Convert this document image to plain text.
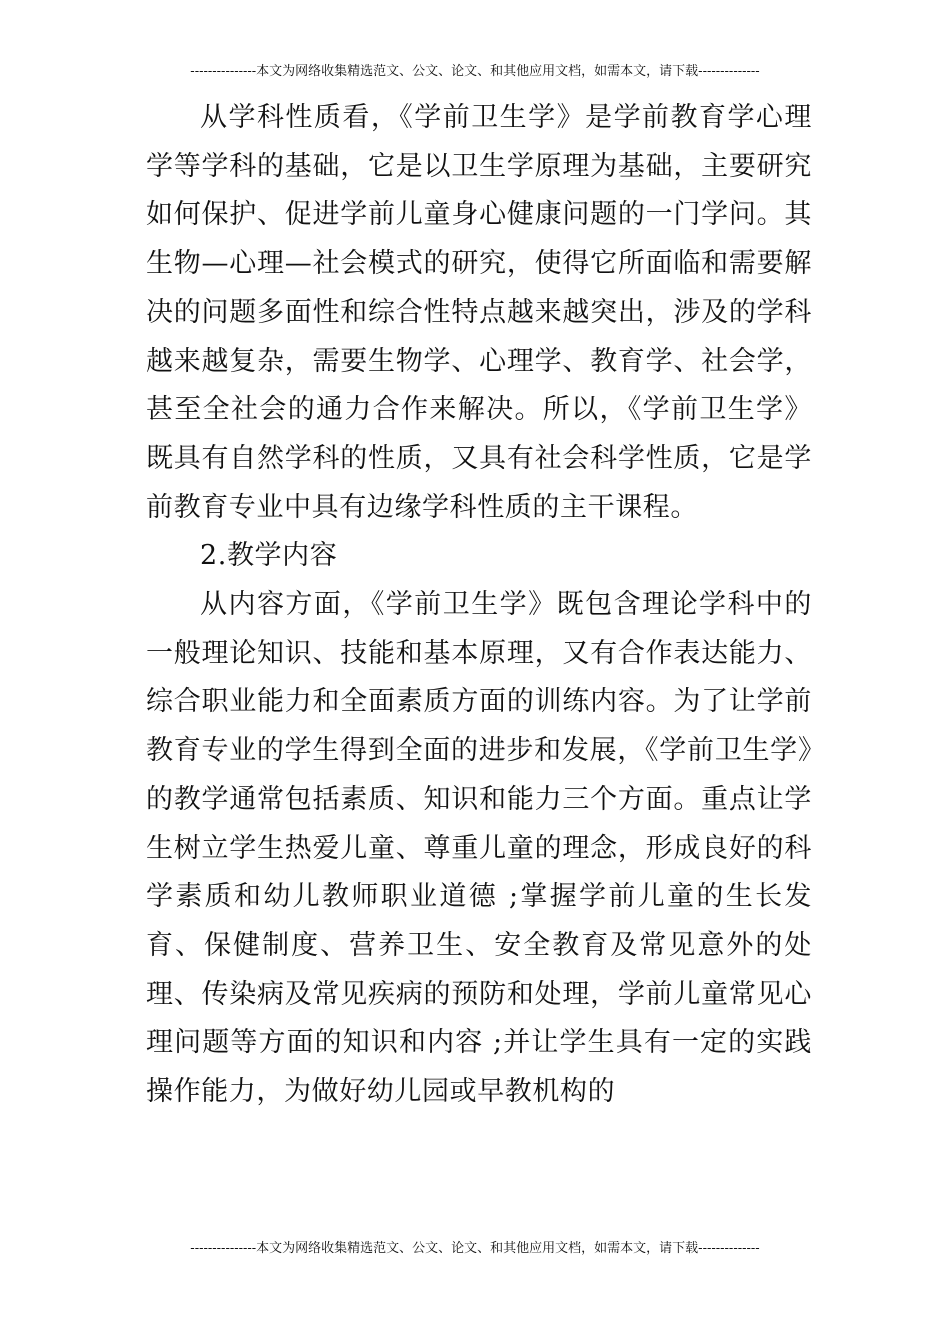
---------------本文为网络收集精选范文、公文、论文、和其他应用文档，如需本文，请下载--------------

从学科性质看，《学前卫生学》是学前教育学心理学等学科的基础，它是以卫生学原理为基础，主要研究如何保护、促进学前儿童身心健康问题的一门学问。其生物—心理—社会模式的研究，使得它所面临和需要解决的问题多面性和综合性特点越来越突出，涉及的学科越来越复杂，需要生物学、心理学、教育学、社会学，甚至全社会的通力合作来解决。所以，《学前卫生学》既具有自然学科的性质，又具有社会科学性质，它是学前教育专业中具有边缘学科性质的主干课程。

2.教学内容

从内容方面，《学前卫生学》既包含理论学科中的一般理论知识、技能和基本原理，又有合作表达能力、综合职业能力和全面素质方面的训练内容。为了让学前教育专业的学生得到全面的进步和发展，《学前卫生学》的教学通常包括素质、知识和能力三个方面。重点让学生树立学生热爱儿童、尊重儿童的理念，形成良好的科学素质和幼儿教师职业道德 ;掌握学前儿童的生长发育、保健制度、营养卫生、安全教育及常见意外的处理、传染病及常见疾病的预防和处理，学前儿童常见心理问题等方面的知识和内容 ;并让学生具有一定的实践操作能力，为做好幼儿园或早教机构的

---------------本文为网络收集精选范文、公文、论文、和其他应用文档，如需本文，请下载--------------
